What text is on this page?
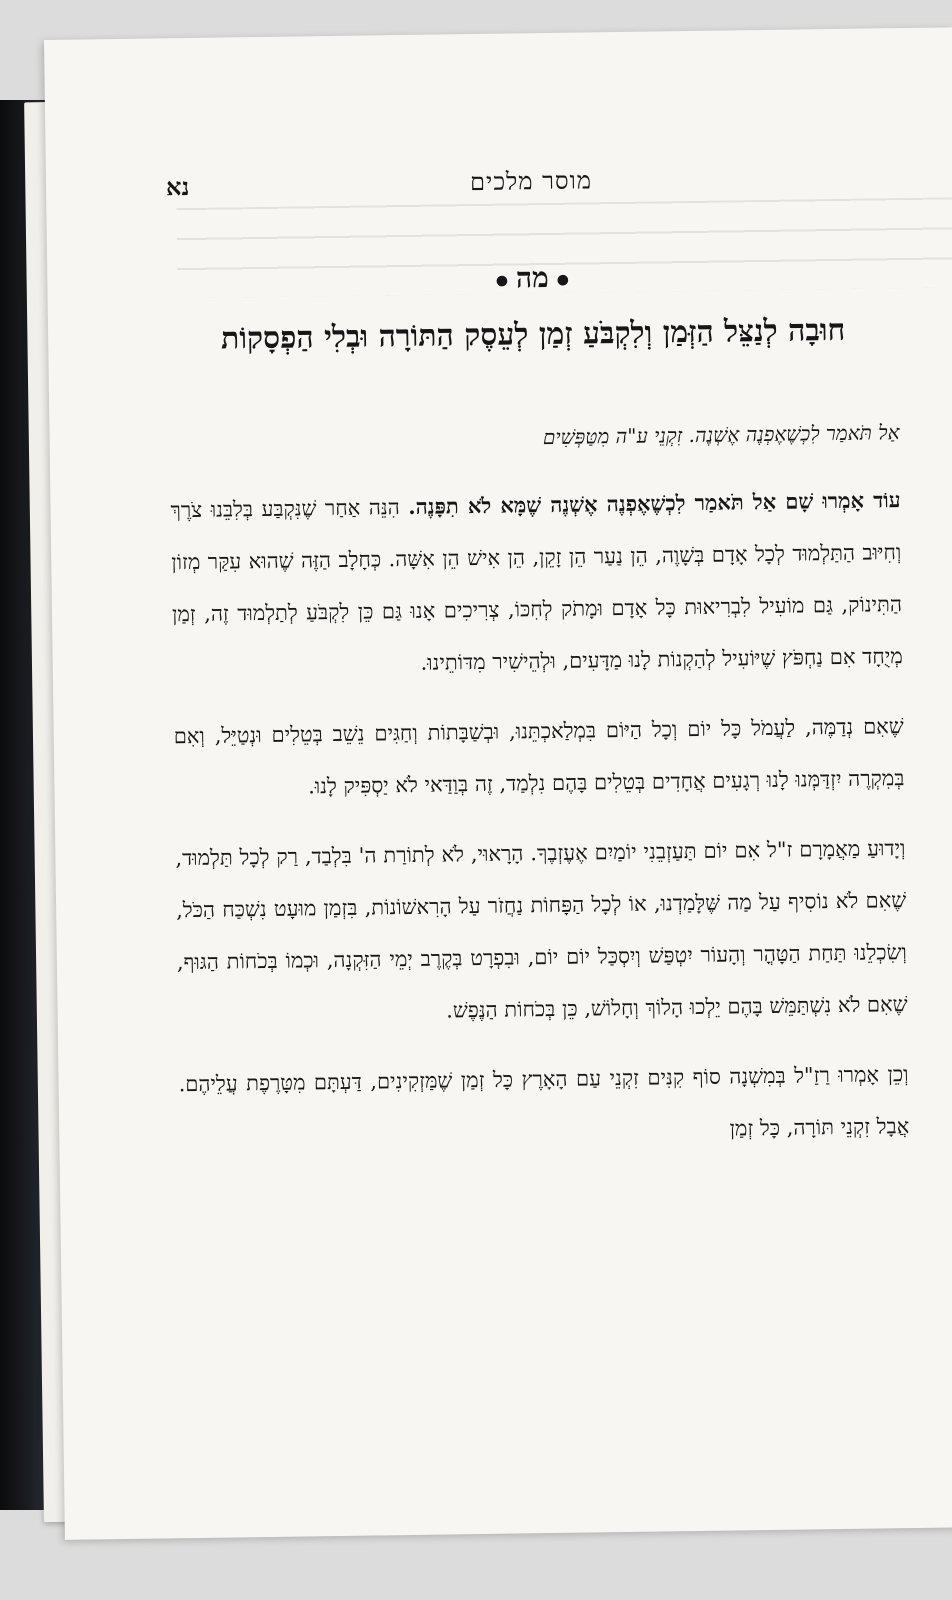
מוסר מלכים
נא
●מה●
חוּבָה לְנַצֵּל הַזְּמַן וְלִקְבֹּעַ זְמַן לְעֵסֶק הַתּוֹרָה וּבְלִי הַפְסָקוֹת
אַל תֹּאמַר לִכְשֶׁאֶפְנֶה אֶשְׁנֶה. זִקְנֵי ע"ה מִטַּפְּשִׁים

עוֹד אָמְרוּ שָׁם אַל תֹּאמַר לִכְשֶׁאֶפְנֶה אֶשְׁנֶה שֶׁמָּא לֹא תִפָּנֶה. הִנֵּה אַחַר שֶׁנִּקְבַּע בְּלִבֵּנוּ צֹרֶךְ וְחִיּוּב הַתַּלְמוּד לְכָל אָדָם בְּשָׁוֶה, הֵן נַעַר הֵן זָקֵן, הֵן אִישׁ הֵן אִשָּׁה. כְּחָלָב הַזֶּה שֶׁהוּא עִקַּר מְזוֹן הַתִּינוֹק, גַּם מוֹעִיל לִבְרִיאוּת כָּל אָדָם וּמָתֹק לְחִכּוֹ, צְרִיכִים אָנוּ גַּם כֵּן לִקְבֹּעַ לְתַלְמוּד זֶה, זְמַן מְיֻחָד אִם נַחְפֹּץ שֶׁיּוֹעִיל לְהַקְנוֹת לָנוּ מַדָּעִים, וּלְהֵישִׁיר מִדּוֹתֵינוּ.

שֶׁאִם נְדַמֶּה, לַעֲמֹל כָּל יוֹם וְכָל הַיּוֹם בִּמְלַאכְתֵּנוּ, וּבְשַׁבָּתוֹת וְחַגִּים נֵשֵׁב בְּטֵלִים וּנְטַיֵּל, וְאִם בְּמִקְרֶה יִזְדַּמְּנוּ לָנוּ רְגָעִים אֲחָדִים בְּטֵלִים בָּהֶם נִלְמַד, זֶה בְּוַדַּאי לֹא יַסְפִּיק לָנוּ.

וְיָדוּעַ מַאֲמָרָם ז"ל אִם יוֹם תַּעַזְבֵנִי יוֹמַיִם אֶעֶזְבֶךָ. הָרָאוּי, לֹא לְתוֹרַת ה' בִּלְבַד, רַק לְכָל תַּלְמוּד, שֶׁאִם לֹא נוֹסִיף עַל מַה שֶּׁלָּמַדְנוּ, אוֹ לְכָל הַפָּחוֹת נַחֲזֹר עַל הָרִאשׁוֹנוֹת, בִּזְמַן מוּעָט נִשְׁכַּח הַכֹּל, וְשִׂכְלֵנוּ תַּחַת הַטָּהֳר וְהָעוֹר יִטְפַּשׁ וְיִסְכַּל יוֹם יוֹם, וּבִפְרָט בְּקֶרֶב יְמֵי הַזִּקְנָה, וּכְמוֹ בְּכֹחוֹת הַגּוּף, שֶׁאִם לֹא נִשְׁתַּמֵּשׁ בָּהֶם יֵלְכוּ הָלוֹךְ וְחָלוֹשׁ, כֵּן בְּכֹחוֹת הַנֶּפֶשׁ.

וְכֵן אָמְרוּ רַזַ"ל בְּמִשְׁנָה סוֹף קִנִּים זִקְנֵי עַם הָאָרֶץ כָּל זְמַן שֶׁמַּזְקִינִים, דַּעְתָּם מִטָּרֶפֶת עֲלֵיהֶם. אֲבָל זִקְנֵי תּוֹרָה, כָּל זְמַן
